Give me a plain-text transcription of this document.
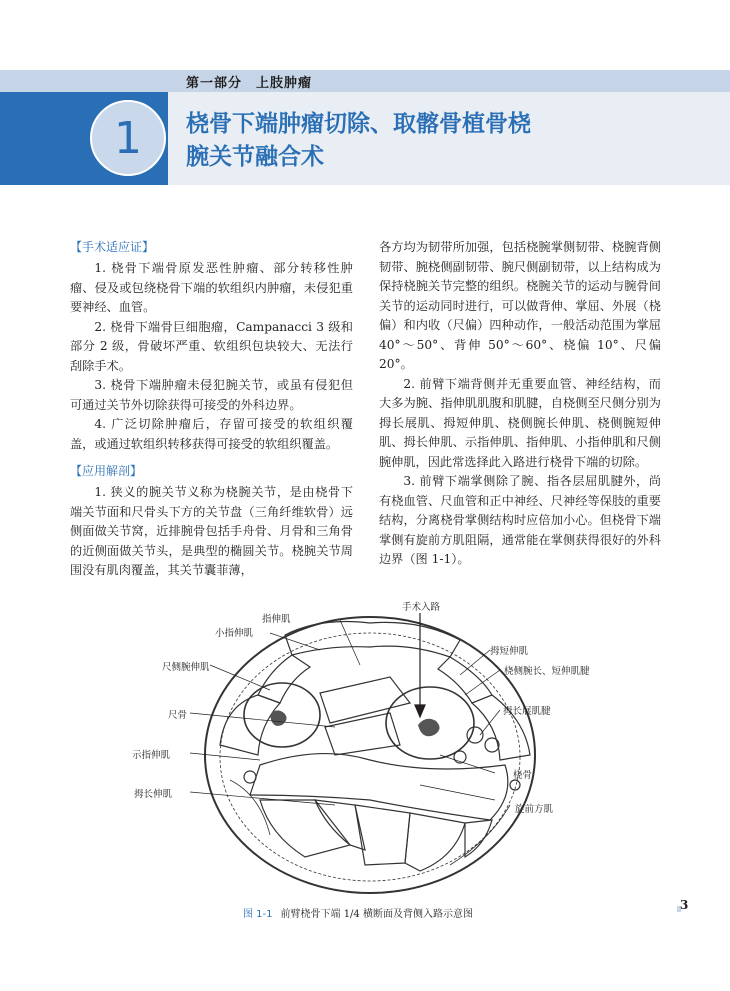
第一部分　上肢肿瘤
1	桡骨下端肿瘤切除、取髂骨植骨桡
腕关节融合术
【手术适应证】

1. 桡骨下端骨原发恶性肿瘤、部分转移性肿瘤、侵及或包绕桡骨下端的软组织内肿瘤，未侵犯重要神经、血管。

2. 桡骨下端骨巨细胞瘤，Campanacci 3 级和部分 2 级，骨破坏严重、软组织包块较大、无法行刮除手术。

3. 桡骨下端肿瘤未侵犯腕关节，或虽有侵犯但可通过关节外切除获得可接受的外科边界。

4. 广泛切除肿瘤后，存留可接受的软组织覆盖，或通过软组织转移获得可接受的软组织覆盖。

【应用解剖】

1. 狭义的腕关节义称为桡腕关节，是由桡骨下端关节面和尺骨头下方的关节盘（三角纤维软骨）远侧面做关节窝，近排腕骨包括手舟骨、月骨和三角骨的近侧面做关节头，是典型的椭圆关节。桡腕关节周围没有肌肉覆盖，其关节囊菲薄，

各方均为韧带所加强，包括桡腕掌侧韧带、桡腕背侧韧带、腕桡侧副韧带、腕尺侧副韧带，以上结构成为保持桡腕关节完整的组织。桡腕关节的运动与腕骨间关节的运动同时进行，可以做背伸、掌屈、外展（桡偏）和内收（尺偏）四种动作，一般活动范围为掌屈 40°～50°、背伸 50°～60°、桡偏 10°、尺偏 20°。

2. 前臂下端背侧并无重要血管、神经结构，而大多为腕、指伸肌肌腹和肌腱，自桡侧至尺侧分别为拇长展肌、拇短伸肌、桡侧腕长伸肌、桡侧腕短伸肌、拇长伸肌、示指伸肌、指伸肌、小指伸肌和尺侧腕伸肌，因此常选择此入路进行桡骨下端的切除。

3. 前臂下端掌侧除了腕、指各层屈肌腱外，尚有桡血管、尺血管和正中神经、尺神经等保肢的重要结构，分离桡骨掌侧结构时应倍加小心。但桡骨下端掌侧有旋前方肌阻隔，通常能在掌侧获得很好的外科边界（图 1-1）。

指伸肌
手术入路
小指伸肌
拇短伸肌
尺侧腕伸肌	桡侧腕长、短伸肌腱
尺骨	拇长展肌腱
示指伸肌
桡骨
拇长伸肌
旋前方肌
图 1-1 前臂桡骨下端 1/4 横断面及背侧入路示意图
3
